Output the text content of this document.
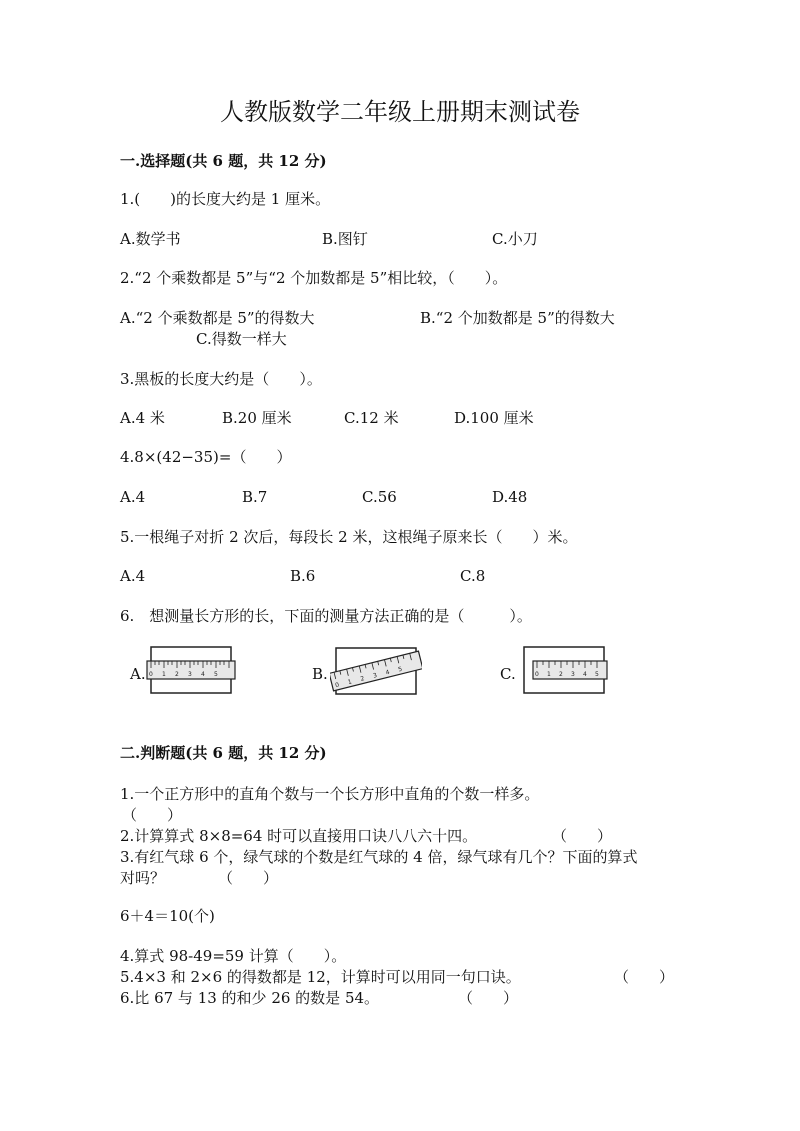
人教版数学二年级上册期末测试卷
一.选择题(共 6 题，共 12 分)
1.(　　)的长度大约是 1 厘米。
A.数学书	B.图钉	C.小刀
2.“2 个乘数都是 5”与“2 个加数都是 5”相比较，（　　）。
A.“2 个乘数都是 5”的得数大	B.“2 个加数都是 5”的得数大
C.得数一样大
3.黑板的长度大约是（　　）。
A.4 米	B.20 厘米	C.12 米	D.100 厘米
4.8×(42−35)=（　　）
A.4	B.7	C.56	D.48
5.一根绳子对折 2 次后，每段长 2 米，这根绳子原来长（　　）米。
A.4	B.6	C.8
6.　想测量长方形的长，下面的测量方法正确的是（　　　）。
A. 0 1 2 3 4 5	B.
0 1 2 3 4 5	C.	0 1 2 3 4 5
二.判断题(共 6 题，共 12 分)
1.一个正方形中的直角个数与一个长方形中直角的个数一样多。
（　　）
2.计算算式 8×8=64 时可以直接用口诀八八六十四。	（　　）
3.有红气球 6 个，绿气球的个数是红气球的 4 倍，绿气球有几个？下面的算式
对吗？	（　　）
6＋4＝10(个)
4.算式 98-49=59 计算（　　）。
5.4×3 和 2×6 的得数都是 12，计算时可以用同一句口诀。	（　　）
6.比 67 与 13 的和少 26 的数是 54。	（　　）
